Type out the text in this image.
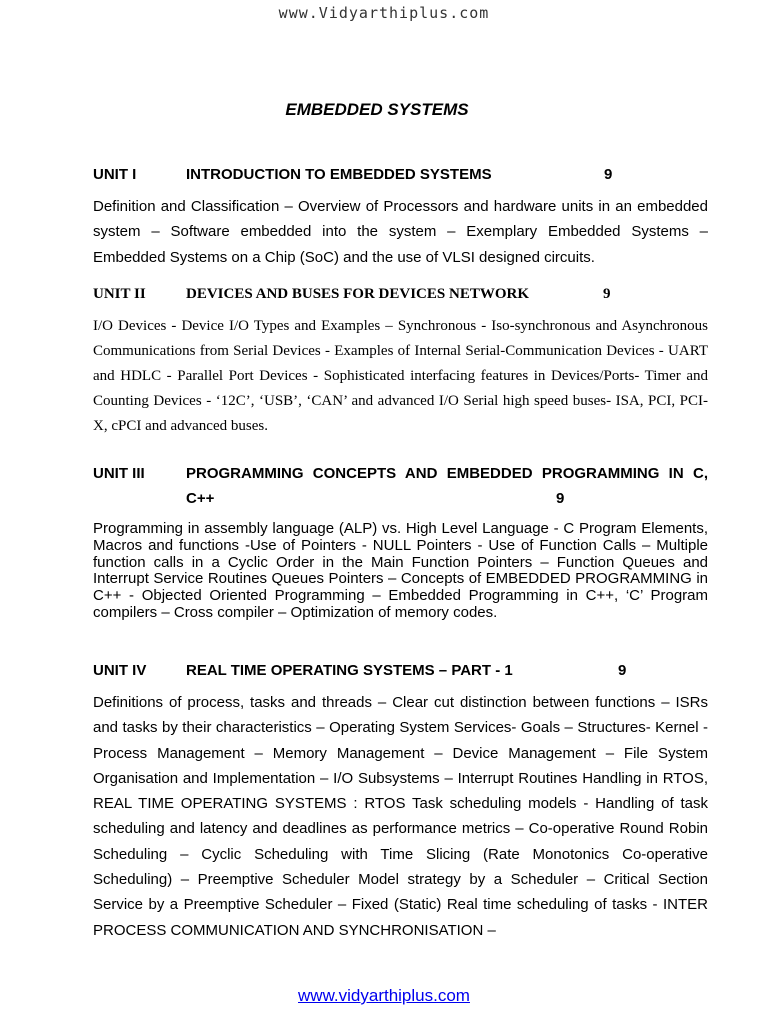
www.Vidyarthiplus.com
EMBEDDED SYSTEMS
UNIT I	INTRODUCTION TO EMBEDDED SYSTEMS	9

Definition and Classification – Overview of Processors and hardware units in an embedded system – Software embedded into the system – Exemplary Embedded Systems – Embedded Systems on a Chip (SoC) and the use of VLSI designed circuits.

UNIT II	DEVICES AND BUSES FOR DEVICES NETWORK	9

I/O Devices - Device I/O Types and Examples – Synchronous - Iso-synchronous and Asynchronous Communications from Serial Devices - Examples of Internal Serial-Communication Devices - UART and HDLC - Parallel Port Devices - Sophisticated interfacing features in Devices/Ports- Timer and Counting Devices - ‘12C’, ‘USB’, ‘CAN’ and advanced I/O Serial high speed buses- ISA, PCI, PCI-X, cPCI and advanced buses.

UNIT III	PROGRAMMING CONCEPTS AND EMBEDDED PROGRAMMING IN C,
C++	9

Programming in assembly language (ALP) vs. High Level Language - C Program Elements, Macros and functions -Use of Pointers - NULL Pointers - Use of Function Calls – Multiple function calls in a Cyclic Order in the Main Function Pointers – Function Queues and Interrupt Service Routines Queues Pointers – Concepts of EMBEDDED PROGRAMMING in C++ - Objected Oriented Programming – Embedded Programming in C++, ‘C’ Program compilers – Cross compiler – Optimization of memory codes.

UNIT IV	REAL TIME OPERATING SYSTEMS – PART - 1	9

Definitions of process, tasks and threads – Clear cut distinction between functions – ISRs and tasks by their characteristics – Operating System Services- Goals – Structures- Kernel - Process Management – Memory Management – Device Management – File System Organisation and Implementation – I/O Subsystems – Interrupt Routines Handling in RTOS, REAL TIME OPERATING SYSTEMS : RTOS Task scheduling models - Handling of task scheduling and latency and deadlines as performance metrics – Co-operative Round Robin Scheduling – Cyclic Scheduling with Time Slicing (Rate Monotonics Co-operative Scheduling) – Preemptive Scheduler Model strategy by a Scheduler – Critical Section Service by a Preemptive Scheduler – Fixed (Static) Real time scheduling of tasks - INTER PROCESS COMMUNICATION AND SYNCHRONISATION –

www.vidyarthiplus.com
